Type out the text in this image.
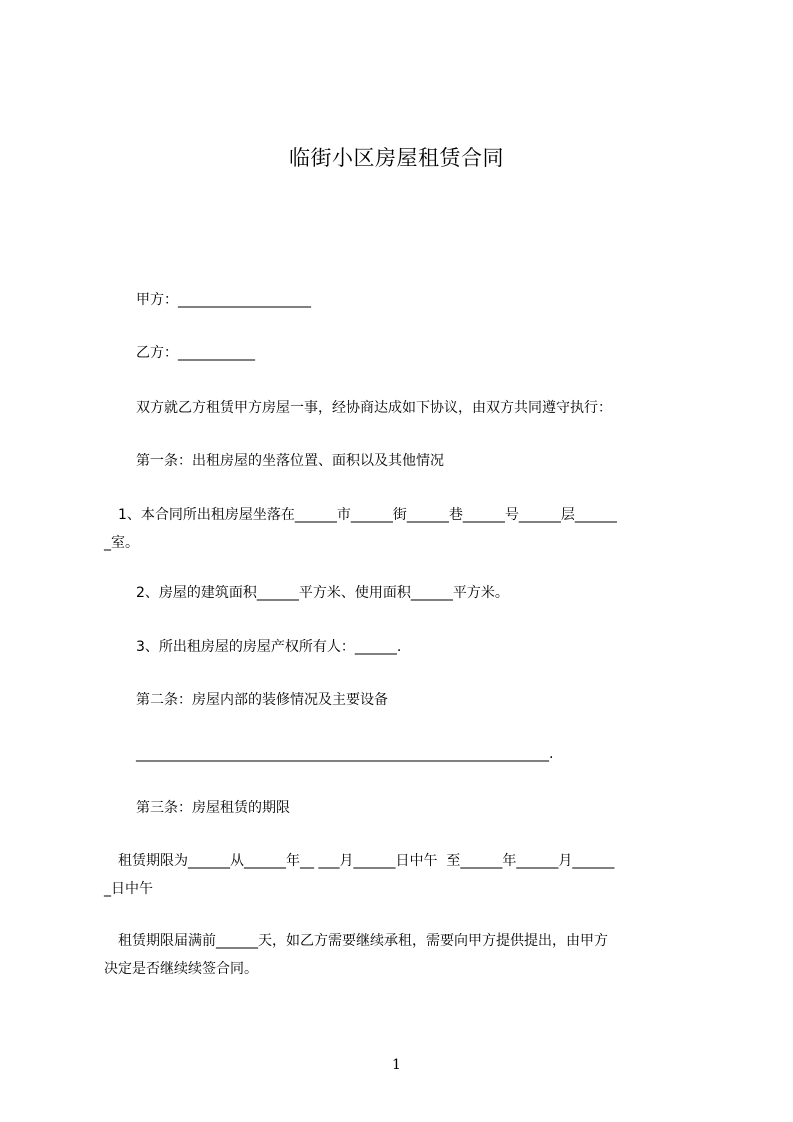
临街小区房屋租赁合同
甲方：___________________
乙方：___________
双方就乙方租赁甲方房屋一事，经协商达成如下协议，由双方共同遵守执行：
第一条：出租房屋的坐落位置、面积以及其他情况
　1、本合同所出租房屋坐落在______市______街______巷______号______层______
_室。
2、房屋的建筑面积______平方米、使用面积______平方米。
3、所出租房屋的房屋产权所有人：______.
第二条：房屋内部的装修情况及主要设备
___________________________________________________________.
第三条：房屋租赁的期限
　租赁期限为______从______年__ ___月______日中午  至______年______月______
_日中午
　租赁期限届满前______天，如乙方需要继续承租，需要向甲方提供提出，由甲方
决定是否继续续签合同。
1
